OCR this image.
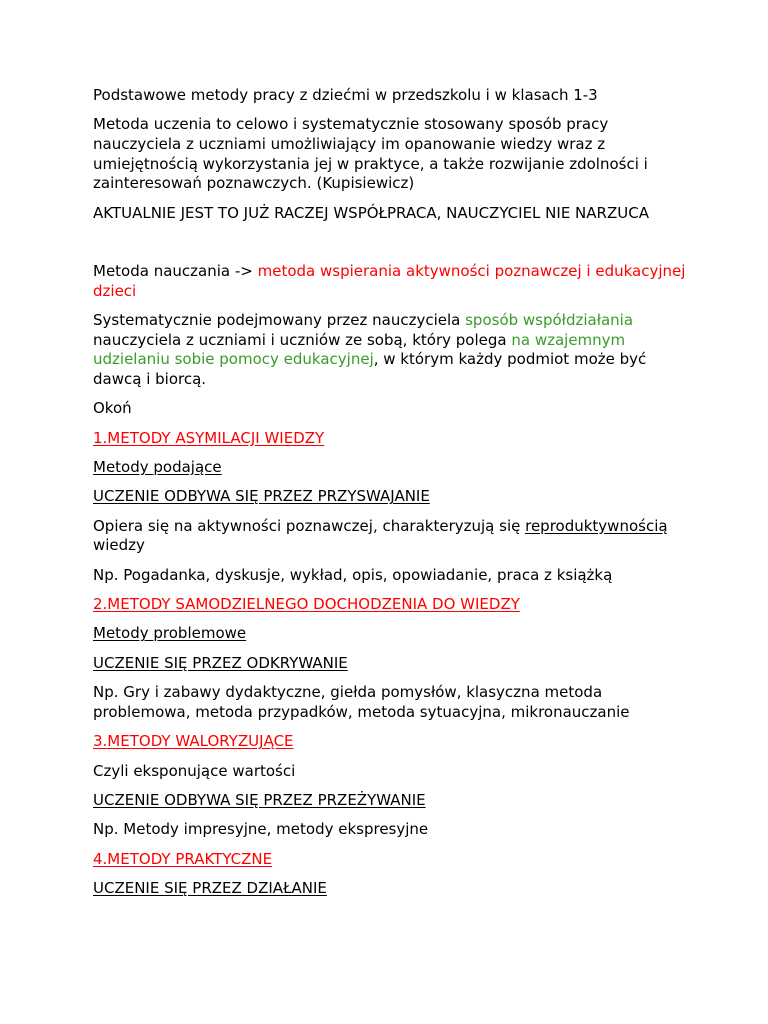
Podstawowe metody pracy z dziećmi w przedszkolu i w klasach 1-3

Metoda uczenia to celowo i systematycznie stosowany sposób pracy nauczyciela z uczniami umożliwiający im opanowanie wiedzy wraz z umiejętnością wykorzystania jej w praktyce, a także rozwijanie zdolności i zainteresowań poznawczych. (Kupisiewicz)

AKTUALNIE JEST TO JUŻ RACZEJ WSPÓŁPRACA, NAUCZYCIEL NIE NARZUCA

Metoda nauczania -> metoda wspierania aktywności poznawczej i edukacyjnej dzieci

Systematycznie podejmowany przez nauczyciela sposób współdziałania nauczyciela z uczniami i uczniów ze sobą, który polega na wzajemnym udzielaniu sobie pomocy edukacyjnej, w którym każdy podmiot może być dawcą i biorcą.

Okoń

1.METODY ASYMILACJI WIEDZY

Metody podające

UCZENIE ODBYWA SIĘ PRZEZ PRZYSWAJANIE

Opiera się na aktywności poznawczej, charakteryzują się reproduktywnością wiedzy

Np. Pogadanka, dyskusje, wykład, opis, opowiadanie, praca z książką

2.METODY SAMODZIELNEGO DOCHODZENIA DO WIEDZY

Metody problemowe

UCZENIE SIĘ PRZEZ ODKRYWANIE

Np. Gry i zabawy dydaktyczne, giełda pomysłów, klasyczna metoda problemowa, metoda przypadków, metoda sytuacyjna, mikronauczanie

3.METODY WALORYZUJĄCE

Czyli eksponujące wartości

UCZENIE ODBYWA SIĘ PRZEZ PRZEŻYWANIE

Np. Metody impresyjne, metody ekspresyjne

4.METODY PRAKTYCZNE

UCZENIE SIĘ PRZEZ DZIAŁANIE
